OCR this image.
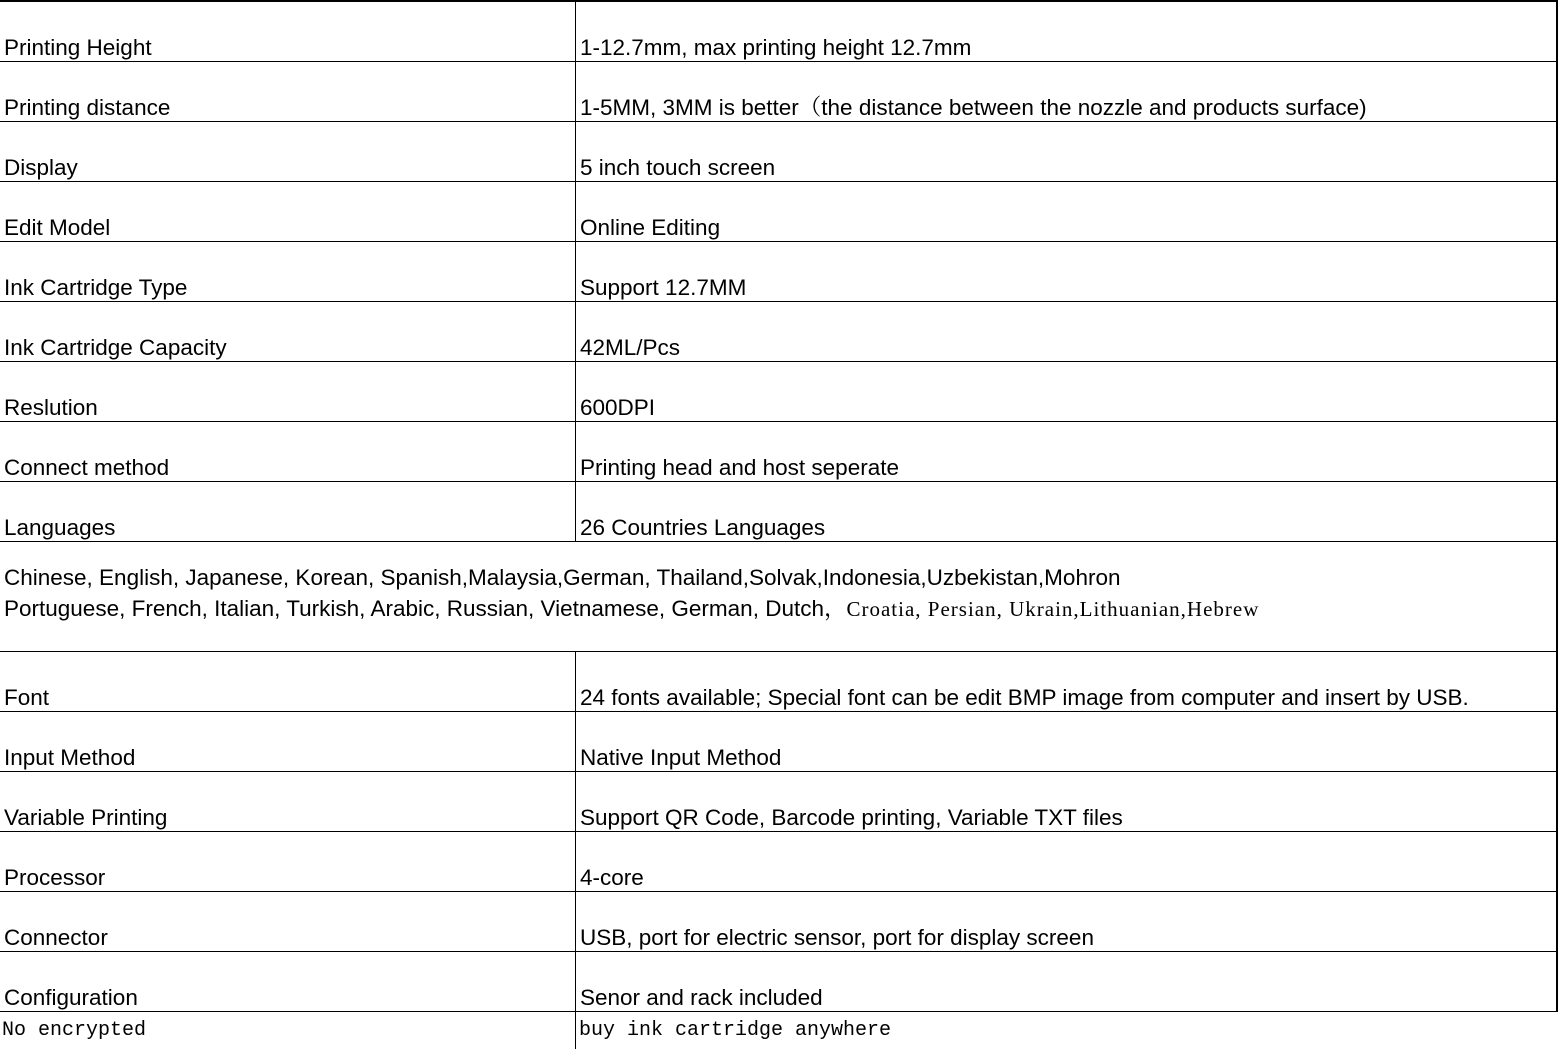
Printing Height	1-12.7mm, max printing height 12.7mm
Printing distance	1-5MM, 3MM is better（the distance between the nozzle and products surface)
Display	5 inch touch screen
Edit Model	Online Editing
Ink Cartridge Type	Support 12.7MM
Ink Cartridge Capacity	42ML/Pcs
Reslution	600DPI
Connect method	Printing head and host seperate
Languages	26 Countries Languages
Chinese, English, Japanese, Korean, Spanish,Malaysia,German, Thailand,Solvak,Indonesia,Uzbekistan,Mohron
Portuguese, French, Italian, Turkish, Arabic, Russian, Vietnamese, German, Dutch，Croatia, Persian, Ukrain,Lithuanian,Hebrew
Font	24 fonts available; Special font can be edit BMP image from computer and insert by USB.
Input Method	Native Input Method
Variable Printing	Support QR Code, Barcode printing, Variable TXT files
Processor	4-core
Connector	USB, port for electric sensor, port for display screen
Configuration	Senor and rack included
No encrypted	buy ink cartridge anywhere
